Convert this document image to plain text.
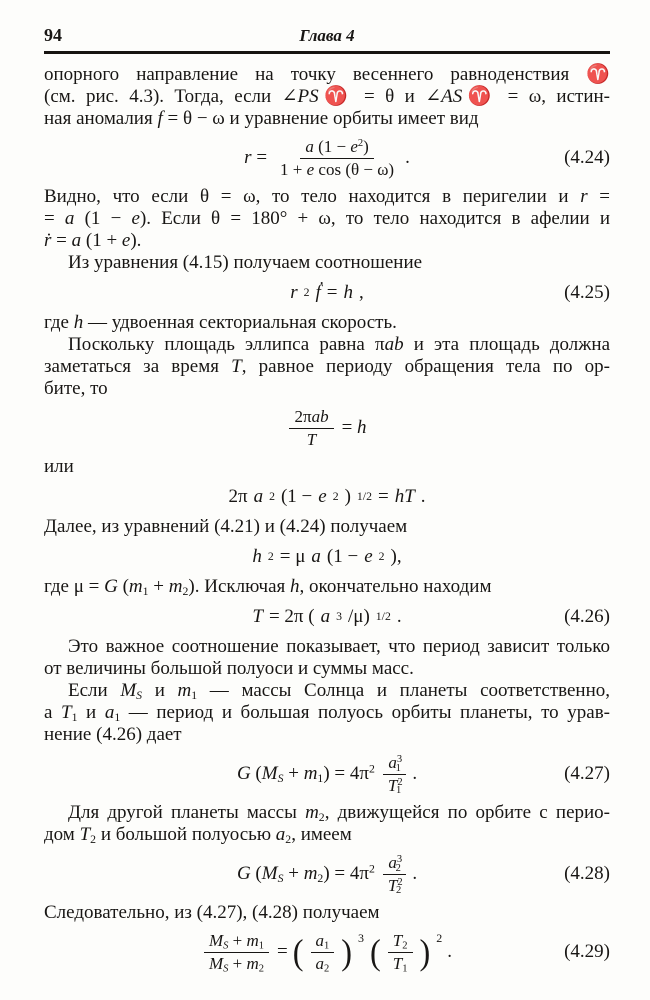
94	Глава 4
опорного направление на точку весеннего равноденствия ♈
(см. рис. 4.3). Тогда, если ∠PS♈ = θ и ∠AS♈ = ω, истин-
ная аномалия f = θ − ω и уравнение орбиты имеет вид
$r = \frac{a (1 - e^2)}{\text{1 + e cos (θ − ω)}}$ .	(4.24)
Видно, что если θ = ω, то тело находится в перигелии и r =
= a (1 − e). Если θ = 180° + ω, то тело находится в афелии и
ṙ = a (1 + e).
Из уравнения (4.15) получаем соотношение
r 2 ḟ = h ,	(4.25)
где h — удвоенная секториальная скорость.
Поскольку площадь эллипса равна πab и эта площадь должна
заметаться за время T, равное периоду обращения тела по ор-
бите, то
$\frac{\text{2πab}}{T} = h$
или
2π a 2 (1 − e 2 ) 1/2 = hT .
Далее, из уравнений (4.21) и (4.24) получаем
h 2 = μ a (1 − e 2 ),
где μ = G $(m_1 + m_2)$. Исключая h, окончательно находим
T = 2π ( a 3 /μ) 1/2 .	(4.26)
Это важное соотношение показывает, что период зависит только
от величины большой полуоси и суммы масс.
Если $M_S$ и $m_1$ — массы Солнца и планеты соответственно,
а $T_1$ и $a_1$ — период и большая полуось орбиты планеты, то урав-
нение (4.26) дает
G $(M_S + m_1) = 4\pi^2 \frac{a^3_1}{T^2_1}$ .	(4.27)
Для другой планеты массы $m_2$, движущейся по орбите с перио-
дом $T_2$ и большой полуосью $a_2$, имеем
G $(M_S + m_2) = 4\pi^2 \frac{a^3_2}{T^2_2}$ .	(4.28)
Следовательно, из (4.27), (4.28) получаем
$\frac{M_S + m_1}{M_S + m_2}$ = ( $\frac{a_1}{a_2}$ ) 3 ( $\frac{T_2}{T_1}$ ) 2
.	(4.29)
